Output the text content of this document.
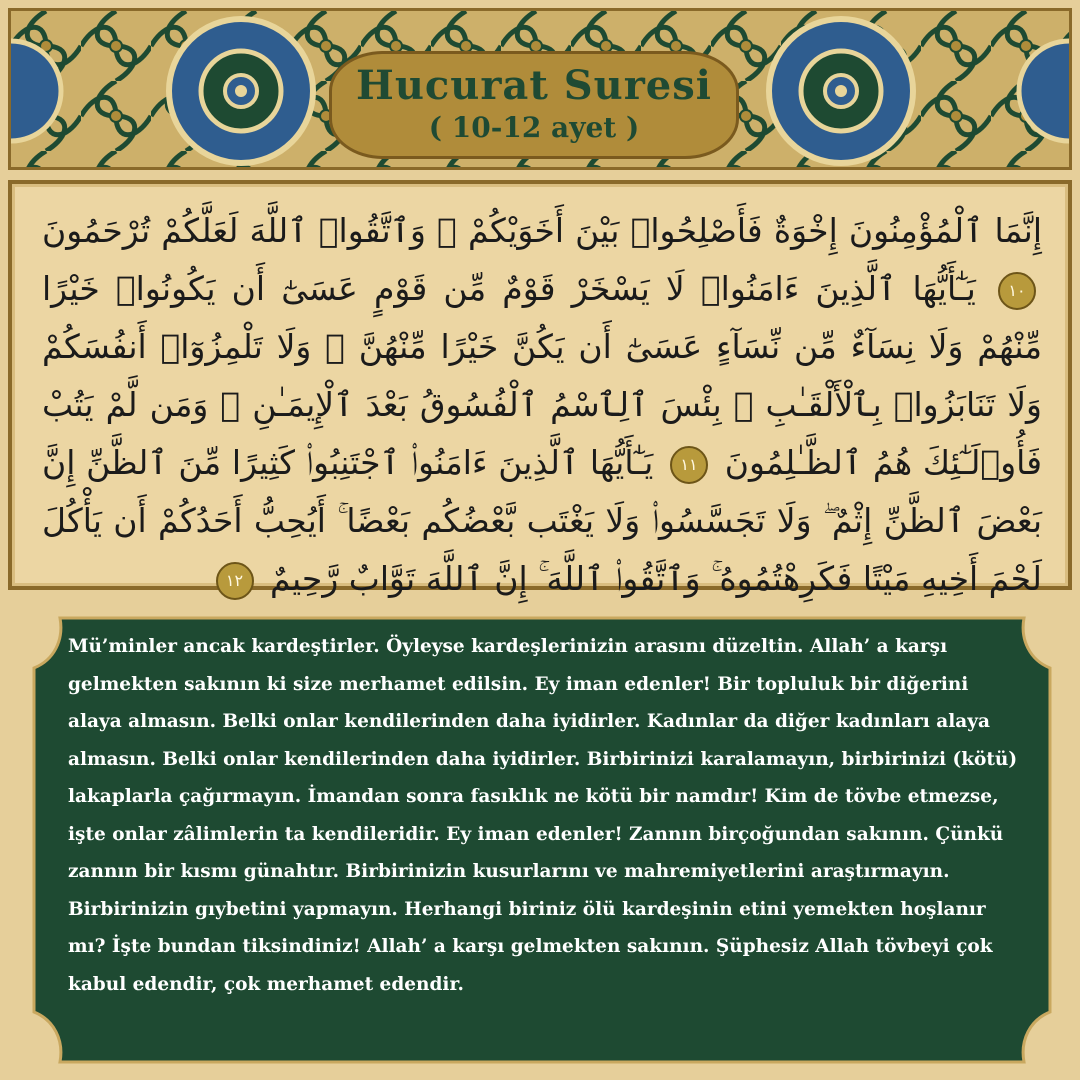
Hucurat Suresi
( 10-12 ayet )
إِنَّمَا ٱلْمُؤْمِنُونَ إِخْوَةٌ فَأَصْلِحُوا۟ بَيْنَ أَخَوَيْكُمْ ۚ وَٱتَّقُوا۟ ٱللَّهَ لَعَلَّكُمْ تُرْحَمُونَ ١٠ يَـٰٓأَيُّهَا ٱلَّذِينَ ءَامَنُوا۟ لَا يَسْخَرْ قَوْمٌ مِّن قَوْمٍ عَسَىٰٓ أَن يَكُونُوا۟ خَيْرًا مِّنْهُمْ وَلَا نِسَآءٌ مِّن نِّسَآءٍ عَسَىٰٓ أَن يَكُنَّ خَيْرًا مِّنْهُنَّ ۖ وَلَا تَلْمِزُوٓا۟ أَنفُسَكُمْ وَلَا تَنَابَزُوا۟ بِٱلْأَلْقَـٰبِ ۖ بِئْسَ ٱلِٱسْمُ ٱلْفُسُوقُ بَعْدَ ٱلْإِيمَـٰنِ ۚ وَمَن لَّمْ يَتُبْ فَأُو۟لَـٰٓئِكَ هُمُ ٱلظَّـٰلِمُونَ ١١ يَـٰٓأَيُّهَا ٱلَّذِينَ ءَامَنُوا۟ ٱجْتَنِبُوا۟ كَثِيرًا مِّنَ ٱلظَّنِّ إِنَّ بَعْضَ ٱلظَّنِّ إِثْمٌ ۖ وَلَا تَجَسَّسُوا۟ وَلَا يَغْتَب بَّعْضُكُم بَعْضًا ۚ أَيُحِبُّ أَحَدُكُمْ أَن يَأْكُلَ لَحْمَ أَخِيهِ مَيْتًا فَكَرِهْتُمُوهُ ۚ وَٱتَّقُوا۟ ٱللَّهَ ۚ إِنَّ ٱللَّهَ تَوَّابٌ رَّحِيمٌ ١٢
Mü’minler ancak kardeştirler. Öyleyse kardeşlerinizin arasını düzeltin. Allah’ a karşı gelmekten sakının ki size merhamet edilsin. Ey iman edenler! Bir topluluk bir diğerini alaya almasın. Belki onlar kendilerinden daha iyidirler. Kadınlar da diğer kadınları alaya almasın. Belki onlar kendilerinden daha iyidirler. Birbirinizi karalamayın, birbirinizi (kötü) lakaplarla çağırmayın. İmandan sonra fasıklık ne kötü bir namdır! Kim de tövbe etmezse, işte onlar zâlimlerin ta kendileridir. Ey iman edenler! Zannın birçoğundan sakının. Çünkü zannın bir kısmı günahtır. Birbirinizin kusurlarını ve mahremiyetlerini araştırmayın. Birbirinizin gıybetini yapmayın. Herhangi biriniz ölü kardeşinin etini yemekten hoşlanır mı? İşte bundan tiksindiniz! Allah’ a karşı gelmekten sakının. Şüphesiz Allah tövbeyi çok kabul edendir, çok merhamet edendir.
